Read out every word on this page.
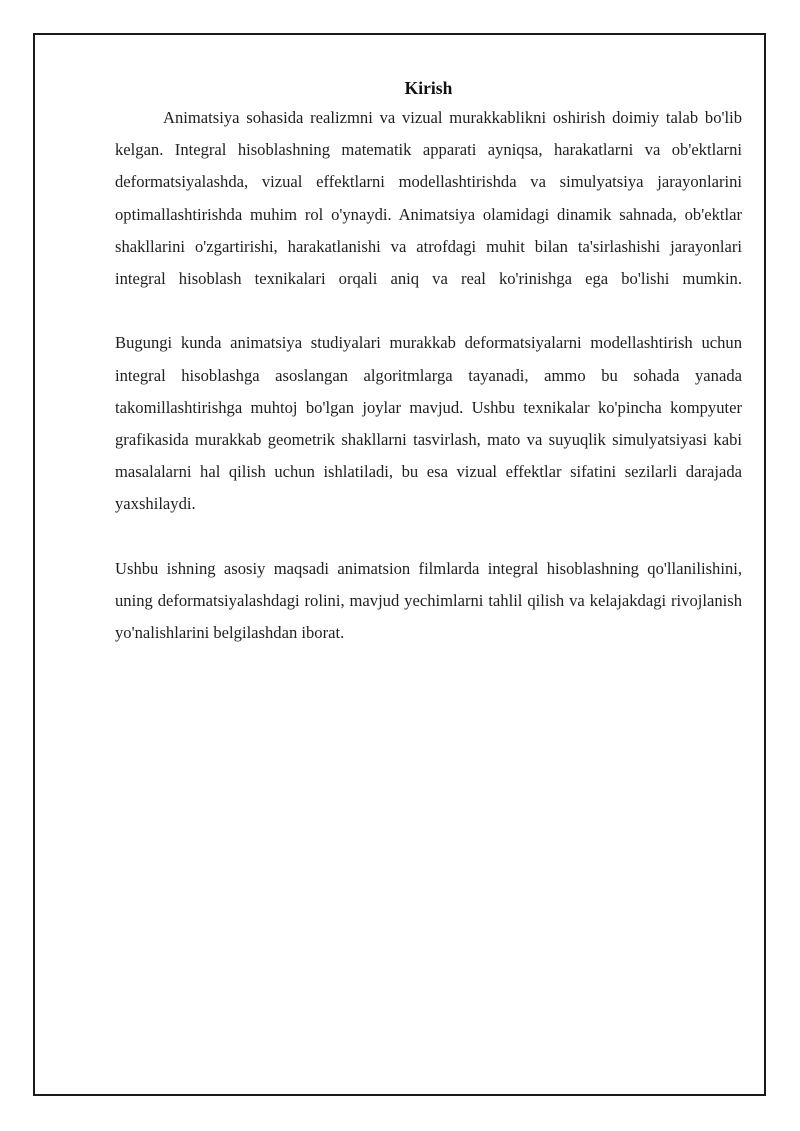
Kirish

Animatsiya sohasida realizmni va vizual murakkablikni oshirish doimiy talab bo'lib kelgan. Integral hisoblashning matematik apparati ayniqsa, harakatlarni va ob'ektlarni deformatsiyalashda, vizual effektlarni modellashtirishda va simulyatsiya jarayonlarini optimallashtirishda muhim rol o'ynaydi. Animatsiya olamidagi dinamik sahnada, ob'ektlar shakllarini o'zgartirishi, harakatlanishi va atrofdagi muhit bilan ta'sirlashishi jarayonlari integral hisoblash texnikalari orqali aniq va real ko'rinishga ega bo'lishi mumkin.

Bugungi kunda animatsiya studiyalari murakkab deformatsiyalarni modellashtirish uchun integral hisoblashga asoslangan algoritmlarga tayanadi, ammo bu sohada yanada takomillashtirishga muhtoj bo'lgan joylar mavjud. Ushbu texnikalar ko'pincha kompyuter grafikasida murakkab geometrik shakllarni tasvirlash, mato va suyuqlik simulyatsiyasi kabi masalalarni hal qilish uchun ishlatiladi, bu esa vizual effektlar sifatini sezilarli darajada yaxshilaydi.

Ushbu ishning asosiy maqsadi animatsion filmlarda integral hisoblashning qo'llanilishini, uning deformatsiyalashdagi rolini, mavjud yechimlarni tahlil qilish va kelajakdagi rivojlanish yo'nalishlarini belgilashdan iborat.
